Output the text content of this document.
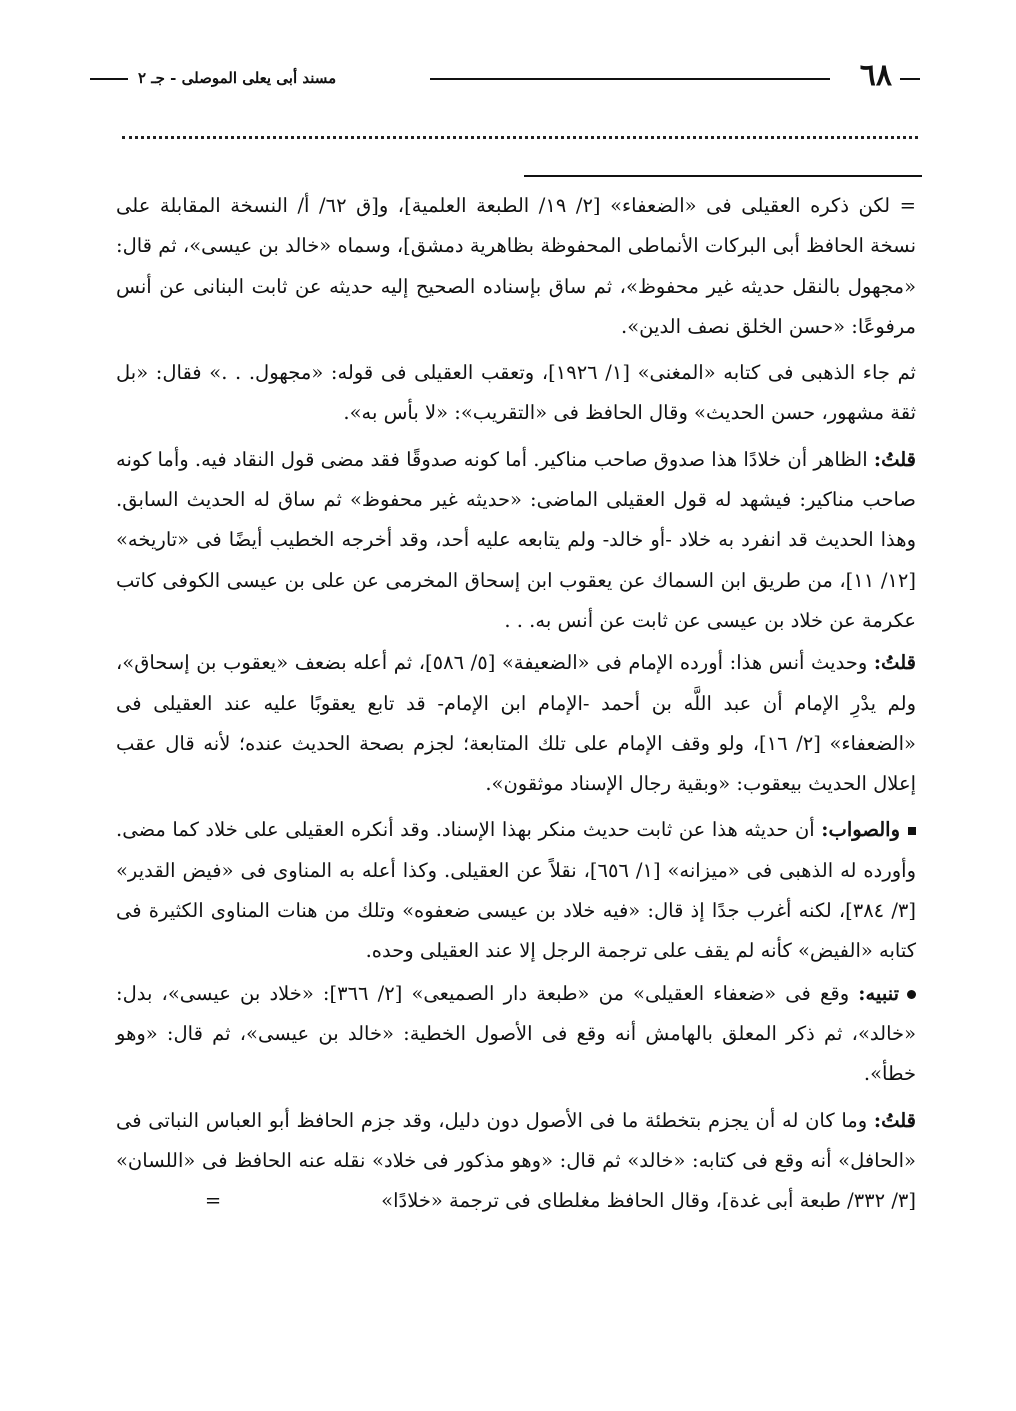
٦٨
مسند أبى يعلى الموصلى - جـ ٢

= لكن ذكره العقيلى فى «الضعفاء» [٢/ ١٩/ الطبعة العلمية]، و[ق ٦٢/ أ/ النسخة المقابلة على نسخة الحافظ أبى البركات الأنماطى المحفوظة بظاهرية دمشق]، وسماه «خالد بن عيسى»، ثم قال: «مجهول بالنقل حديثه غير محفوظ»، ثم ساق بإسناده الصحيح إليه حديثه عن ثابت البنانى عن أنس مرفوعًا: «حسن الخلق نصف الدين».

ثم جاء الذهبى فى كتابه «المغنى» [١/ ١٩٢٦]، وتعقب العقيلى فى قوله: «مجهول. . .» فقال: «بل ثقة مشهور، حسن الحديث» وقال الحافظ فى «التقريب»: «لا بأس به».

قلتُ: الظاهر أن خلادًا هذا صدوق صاحب مناكير. أما كونه صدوقًا فقد مضى قول النقاد فيه. وأما كونه صاحب مناكير: فيشهد له قول العقيلى الماضى: «حديثه غير محفوظ» ثم ساق له الحديث السابق. وهذا الحديث قد انفرد به خلاد -أو خالد- ولم يتابعه عليه أحد، وقد أخرجه الخطيب أيضًا فى «تاريخه» [١٢/ ١١]، من طريق ابن السماك عن يعقوب ابن إسحاق المخرمى عن على بن عيسى الكوفى كاتب عكرمة عن خلاد بن عيسى عن ثابت عن أنس به. . .

قلتُ: وحديث أنس هذا: أورده الإمام فى «الضعيفة» [٥/ ٥٨٦]، ثم أعله بضعف «يعقوب بن إسحاق»، ولم يدْرِ الإمام أن عبد اللَّه بن أحمد -الإمام ابن الإمام- قد تابع يعقوبًا عليه عند العقيلى فى «الضعفاء» [٢/ ١٦]، ولو وقف الإمام على تلك المتابعة؛ لجزم بصحة الحديث عنده؛ لأنه قال عقب إعلال الحديث بيعقوب: «وبقية رجال الإسناد موثقون».

والصواب: أن حديثه هذا عن ثابت حديث منكر بهذا الإسناد. وقد أنكره العقيلى على خلاد كما مضى. وأورده له الذهبى فى «ميزانه» [١/ ٦٥٦]، نقلاً عن العقيلى. وكذا أعله به المناوى فى «فيض القدير» [٣/ ٣٨٤]، لكنه أغرب جدًا إذ قال: «فيه خلاد بن عيسى ضعفوه» وتلك من هنات المناوى الكثيرة فى كتابه «الفيض» كأنه لم يقف على ترجمة الرجل إلا عند العقيلى وحده.

تنبيه: وقع فى «ضعفاء العقيلى» من «طبعة دار الصميعى» [٢/ ٣٦٦]: «خلاد بن عيسى»، بدل: «خالد»، ثم ذكر المعلق بالهامش أنه وقع فى الأصول الخطية: «خالد بن عيسى»، ثم قال: «وهو خطأ».

قلتُ: وما كان له أن يجزم بتخطئة ما فى الأصول دون دليل، وقد جزم الحافظ أبو العباس النباتى فى «الحافل» أنه وقع فى كتابه: «خالد» ثم قال: «وهو مذكور فى خلاد» نقله عنه الحافظ فى «اللسان» [٣/ ٣٣٢/ طبعة أبى غدة]، وقال الحافظ مغلطاى فى ترجمة «خلادًا»=
